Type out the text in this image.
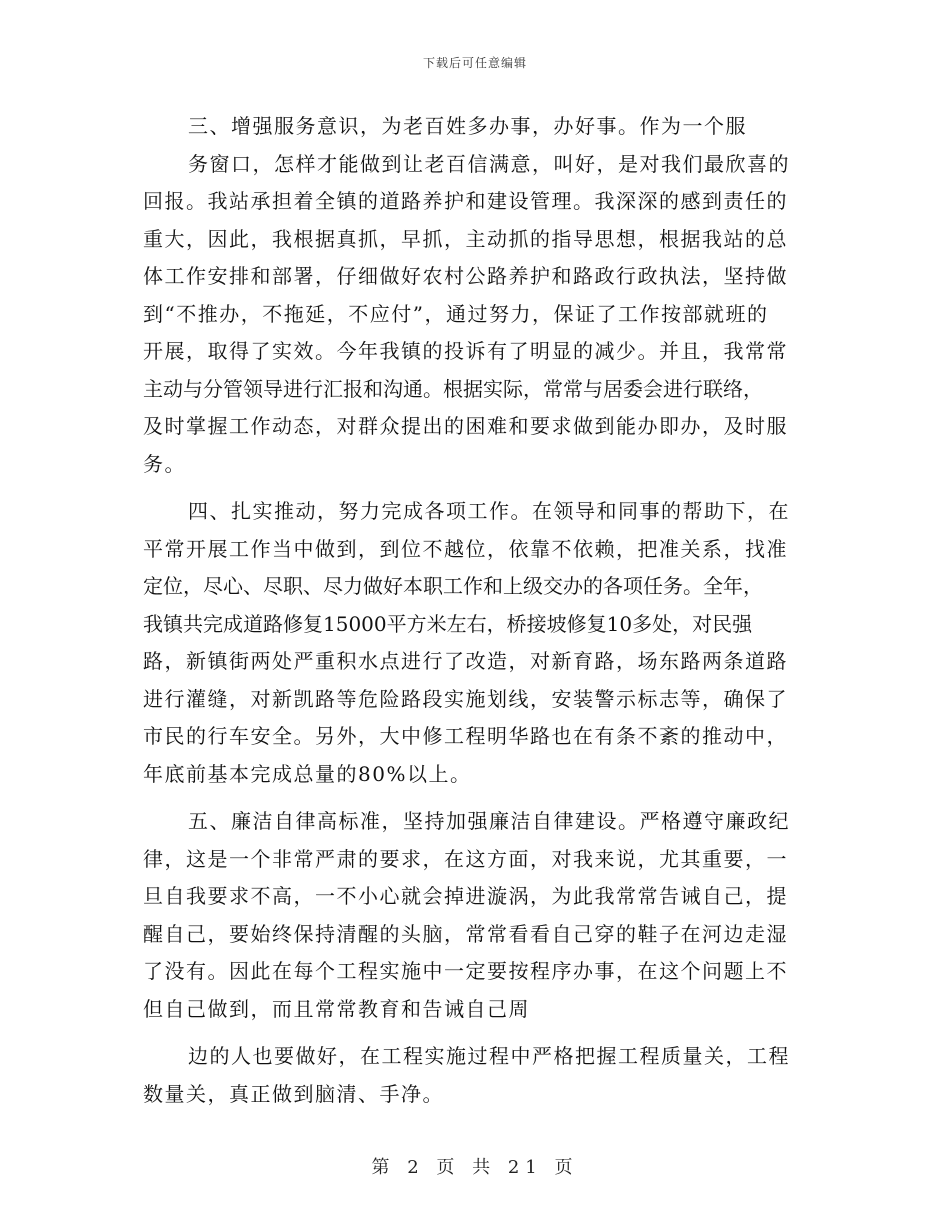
下载后可任意编辑
三、增强服务意识，为老百姓多办事，办好事。作为一个服
务窗口，怎样才能做到让老百信满意，叫好，是对我们最欣喜的
回报。我站承担着全镇的道路养护和建设管理。我深深的感到责任的
重大，因此，我根据真抓，早抓，主动抓的指导思想，根据我站的总
体工作安排和部署，仔细做好农村公路养护和路政行政执法，坚持做
到“不推办，不拖延，不应付”，通过努力，保证了工作按部就班的
开展，取得了实效。今年我镇的投诉有了明显的减少。并且，我常常
主动与分管领导进行汇报和沟通。根据实际，常常与居委会进行联络，
及时掌握工作动态，对群众提出的困难和要求做到能办即办，及时服
务。
四、扎实推动，努力完成各项工作。在领导和同事的帮助下，在
平常开展工作当中做到，到位不越位，依靠不依赖，把准关系，找准
定位，尽心、尽职、尽力做好本职工作和上级交办的各项任务。全年，
我镇共完成道路修复15000平方米左右，桥接坡修复10多处，对民强
路，新镇街两处严重积水点进行了改造，对新育路，场东路两条道路
进行灌缝，对新凯路等危险路段实施划线，安装警示标志等，确保了
市民的行车安全。另外，大中修工程明华路也在有条不紊的推动中，
年底前基本完成总量的80%以上。
五、廉洁自律高标准，坚持加强廉洁自律建设。严格遵守廉政纪
律，这是一个非常严肃的要求，在这方面，对我来说，尤其重要，一
旦自我要求不高，一不小心就会掉进漩涡，为此我常常告诫自己，提
醒自己，要始终保持清醒的头脑，常常看看自己穿的鞋子在河边走湿
了没有。因此在每个工程实施中一定要按程序办事，在这个问题上不
但自己做到，而且常常教育和告诫自己周
边的人也要做好，在工程实施过程中严格把握工程质量关，工程
数量关，真正做到脑清、手净。
第 2 页 共 21 页
